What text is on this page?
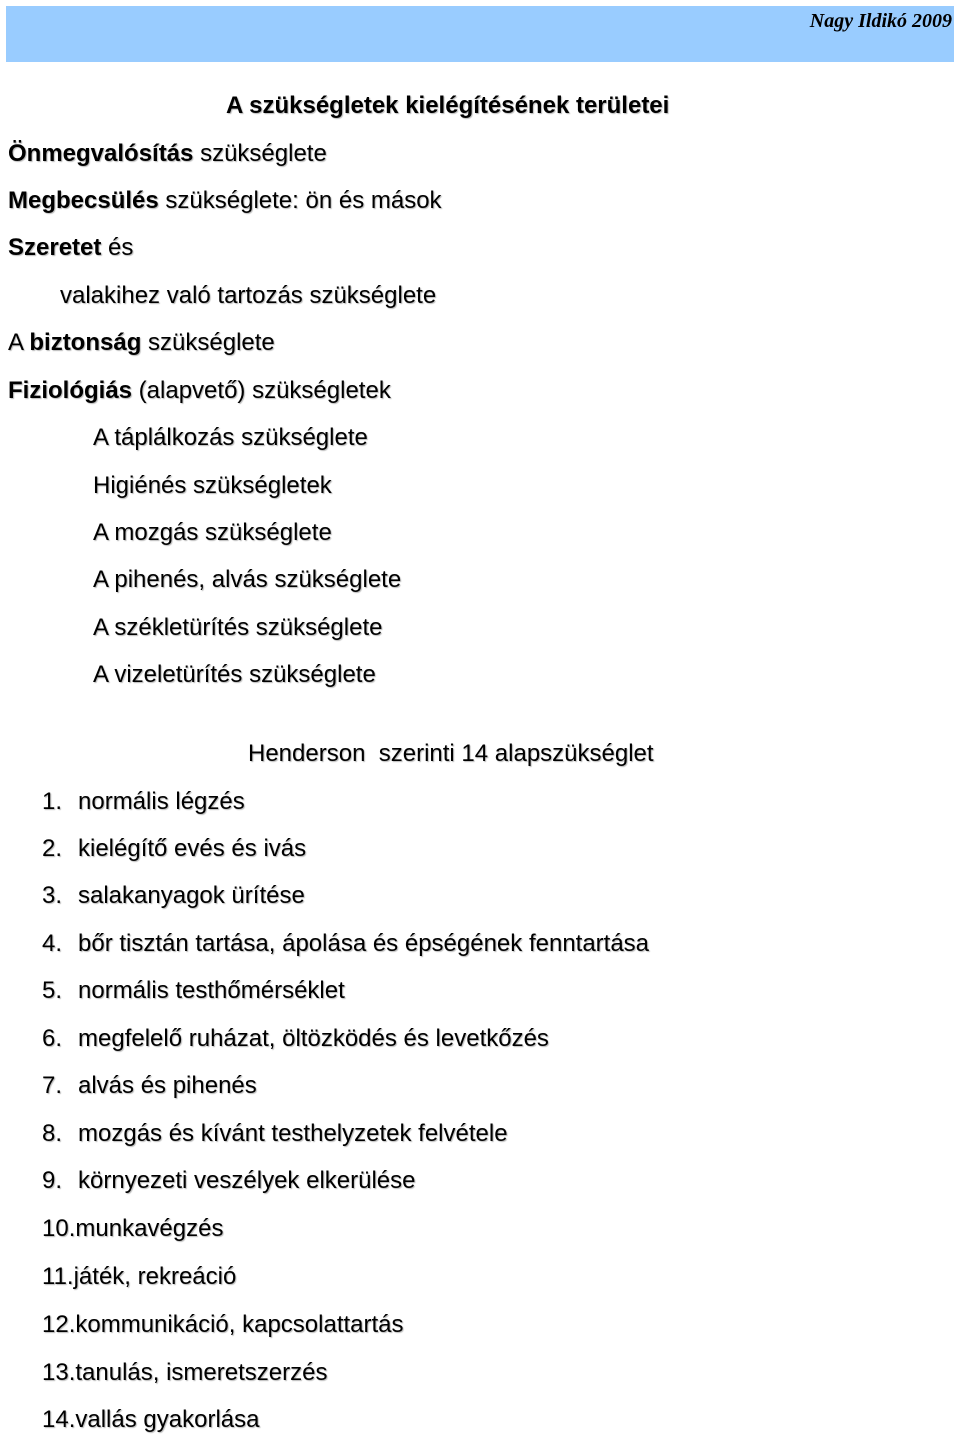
Nagy Ildikó 2009
A szükségletek kielégítésének területei
Önmegvalósítás szükséglete
Megbecsülés szükséglete: ön és mások
Szeretet és
valakihez való tartozás szükséglete
A biztonság szükséglete
Fiziológiás (alapvető) szükségletek
A táplálkozás szükséglete
Higiénés szükségletek
A mozgás szükséglete
A pihenés, alvás szükséglete
A székletürítés szükséglete
A vizeletürítés szükséglete
Henderson  szerinti 14 alapszükséglet
1. normális légzés
2. kielégítő evés és ivás
3. salakanyagok ürítése
4. bőr tisztán tartása, ápolása és épségének fenntartása
5. normális testhőmérséklet
6. megfelelő ruházat, öltözködés és levetkőzés
7. alvás és pihenés
8. mozgás és kívánt testhelyzetek felvétele
9. környezeti veszélyek elkerülése
10.munkavégzés
11.játék, rekreáció
12.kommunikáció, kapcsolattartás
13.tanulás, ismeretszerzés
14.vallás gyakorlása
